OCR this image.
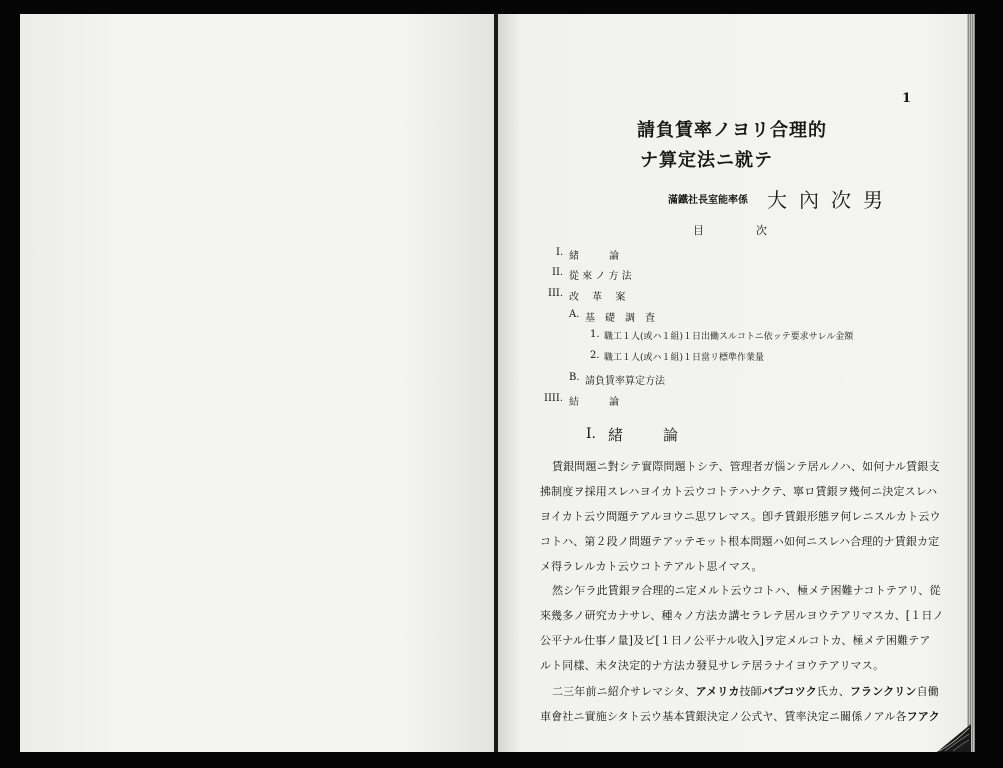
1
請負賃率ノヨリ合理的
ナ算定法ニ就テ
滿鐵社長室能率係 大內次男
目次
I. 緒　　　論
II. 從 來 ノ 方 法
III. 改　 革　 案
A. 基　礎　調　査
1. 職工１人(或ハ１組)１日出働スルコトニ依ッテ要求サレル金額
2. 職工１人(或ハ１組)１日當リ標準作業量
B. 請負賃率算定方法
IIII. 結　　　論
I. 緒論
賃銀問題ニ對シテ實際問題トシテ、管理者ガ惱ンテ居ルノハ、如何ナル賃銀支
拂制度ヲ採用スレハヨイカト云ウコトテハナクテ、寧ロ賃銀ヲ幾何ニ決定スレハ
ヨイカト云ウ問題テアルヨウニ思ワレマス。卽チ賃銀形態ヲ何レニスルカト云ウ
コトハ、第２段ノ問題テアッテモット根本問題ハ如何ニスレハ合理的ナ賃銀カ定
メ得ラレルカト云ウコトテアルト思イマス。
然シ乍ラ此賃銀ヲ合理的ニ定メルト云ウコトハ、極メテ困難ナコトテアリ、從
來幾多ノ研究カナサレ、種々ノ方法カ講セラレテ居ルヨウテアリマスカ、[１日ノ
公平ナル仕事ノ量]及ビ[１日ノ公平ナル收入]ヲ定メルコトカ、極メテ困難テア
ルト同樣、未タ決定的ナ方法カ發見サレテ居ラナイヨウテアリマス。
二三年前ニ紹介サレマシタ、アメリカ技師バブコツク氏カ、フランクリン自働
車會社ニ實施シタト云ウ基本賃銀決定ノ公式ヤ、賃率決定ニ關係ノアル各フアク
